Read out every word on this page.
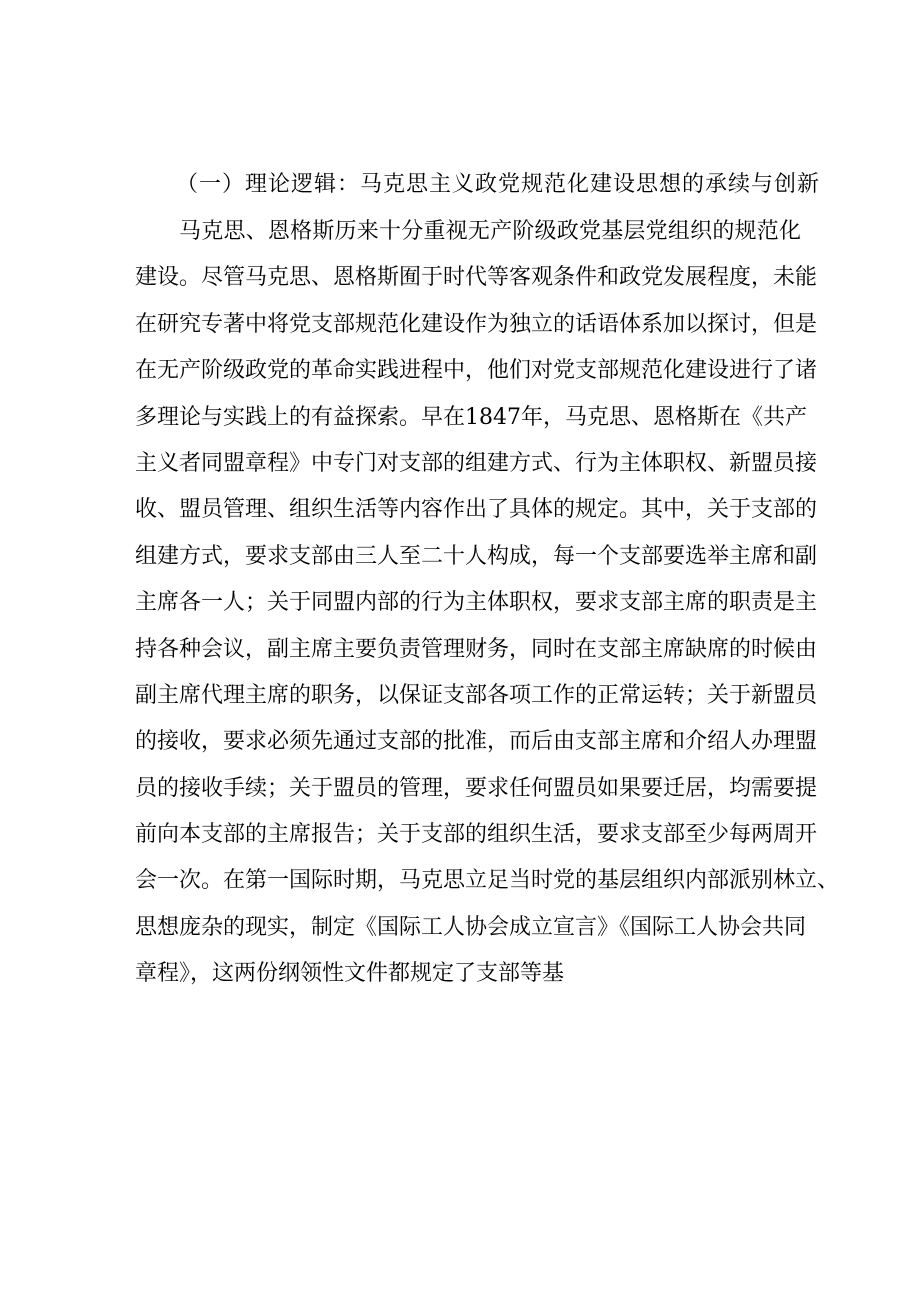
（一）理论逻辑：马克思主义政党规范化建设思想的承续与创新
马克思、恩格斯历来十分重视无产阶级政党基层党组织的规范化
建设。尽管马克思、恩格斯囿于时代等客观条件和政党发展程度，未能
在研究专著中将党支部规范化建设作为独立的话语体系加以探讨，但是
在无产阶级政党的革命实践进程中，他们对党支部规范化建设进行了诸
多理论与实践上的有益探索。早在1847年，马克思、恩格斯在《共产
主义者同盟章程》中专门对支部的组建方式、行为主体职权、新盟员接
收、盟员管理、组织生活等内容作出了具体的规定。其中，关于支部的
组建方式，要求支部由三人至二十人构成，每一个支部要选举主席和副
主席各一人；关于同盟内部的行为主体职权，要求支部主席的职责是主
持各种会议，副主席主要负责管理财务，同时在支部主席缺席的时候由
副主席代理主席的职务，以保证支部各项工作的正常运转；关于新盟员
的接收，要求必须先通过支部的批准，而后由支部主席和介绍人办理盟
员的接收手续；关于盟员的管理，要求任何盟员如果要迁居，均需要提
前向本支部的主席报告；关于支部的组织生活，要求支部至少每两周开
会一次。在第一国际时期，马克思立足当时党的基层组织内部派别林立、
思想庞杂的现实，制定《国际工人协会成立宣言》《国际工人协会共同
章程》，这两份纲领性文件都规定了支部等基
